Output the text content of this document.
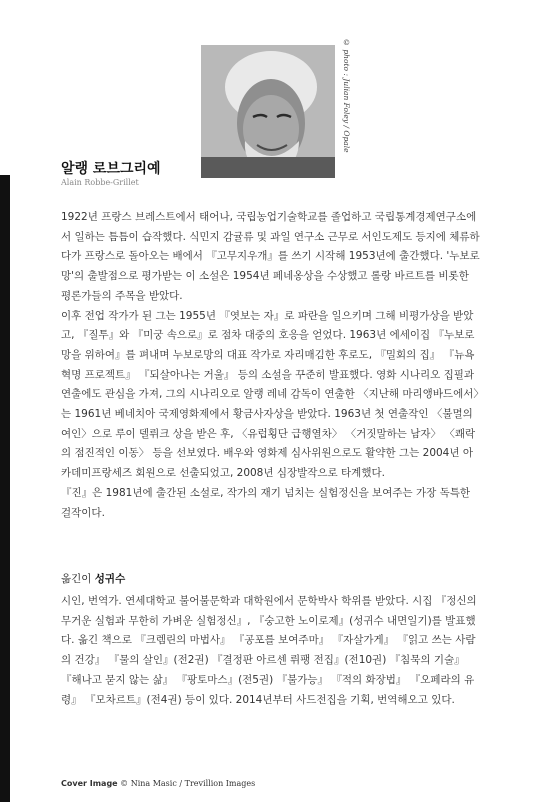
© photo : Julian Foley / Opale
알랭 로브그리예
Alain Robbe-Grillet

1922년 프랑스 브레스트에서 태어나, 국립농업기술학교를 졸업하고 국립통계경제연구소에서 일하는 틈틈이 습작했다. 식민지 감귤류 및 과일 연구소 근무로 서인도제도 등지에 체류하다가 프랑스로 돌아오는 배에서 『고무지우개』를 쓰기 시작해 1953년에 출간했다. '누보로망'의 출발점으로 평가받는 이 소설은 1954년 페네옹상을 수상했고 롤랑 바르트를 비롯한 평론가들의 주목을 받았다.

이후 전업 작가가 된 그는 1955년 『엿보는 자』로 파란을 일으키며 그해 비평가상을 받았고, 『질투』와 『미궁 속으로』로 점차 대중의 호응을 얻었다. 1963년 에세이집 『누보로망을 위하여』를 펴내며 누보로망의 대표 작가로 자리매김한 후로도, 『밀회의 집』 『뉴욕혁명 프로젝트』 『되살아나는 거울』 등의 소설을 꾸준히 발표했다. 영화 시나리오 집필과 연출에도 관심을 가져, 그의 시나리오로 알랭 레네 감독이 연출한 〈지난해 마리앵바드에서〉는 1961년 베네치아 국제영화제에서 황금사자상을 받았다. 1963년 첫 연출작인 〈불멸의 여인〉으로 루이 델뤼크 상을 받은 후, 〈유럽횡단 급행열차〉 〈거짓말하는 남자〉 〈쾌락의 점진적인 이동〉 등을 선보였다. 배우와 영화제 심사위원으로도 활약한 그는 2004년 아카데미프랑세즈 회원으로 선출되었고, 2008년 심장발작으로 타계했다.

『진』은 1981년에 출간된 소설로, 작가의 재기 넘치는 실험정신을 보여주는 가장 독특한 걸작이다.

옮긴이 성귀수
시인, 번역가. 연세대학교 불어불문학과 대학원에서 문학박사 학위를 받았다. 시집 『정신의 무거운 실험과 무한히 가벼운 실험정신』, 『숭고한 노이로제』(성귀수 내면일기)를 발표했다. 옮긴 책으로 『크렘린의 마법사』 『공포를 보여주마』 『자살가게』 『읽고 쓰는 사람의 건강』 『물의 살인』(전2권) 『결정판 아르센 뤼팽 전집』(전10권) 『침묵의 기술』 『해나고 묻지 않는 삶』 『팡토마스』(전5권) 『불가능』 『적의 화장법』 『오페라의 유령』 『모차르트』(전4권) 등이 있다. 2014년부터 사드전집을 기획, 번역해오고 있다.
Cover Image © Nina Masic / Trevillion Images
